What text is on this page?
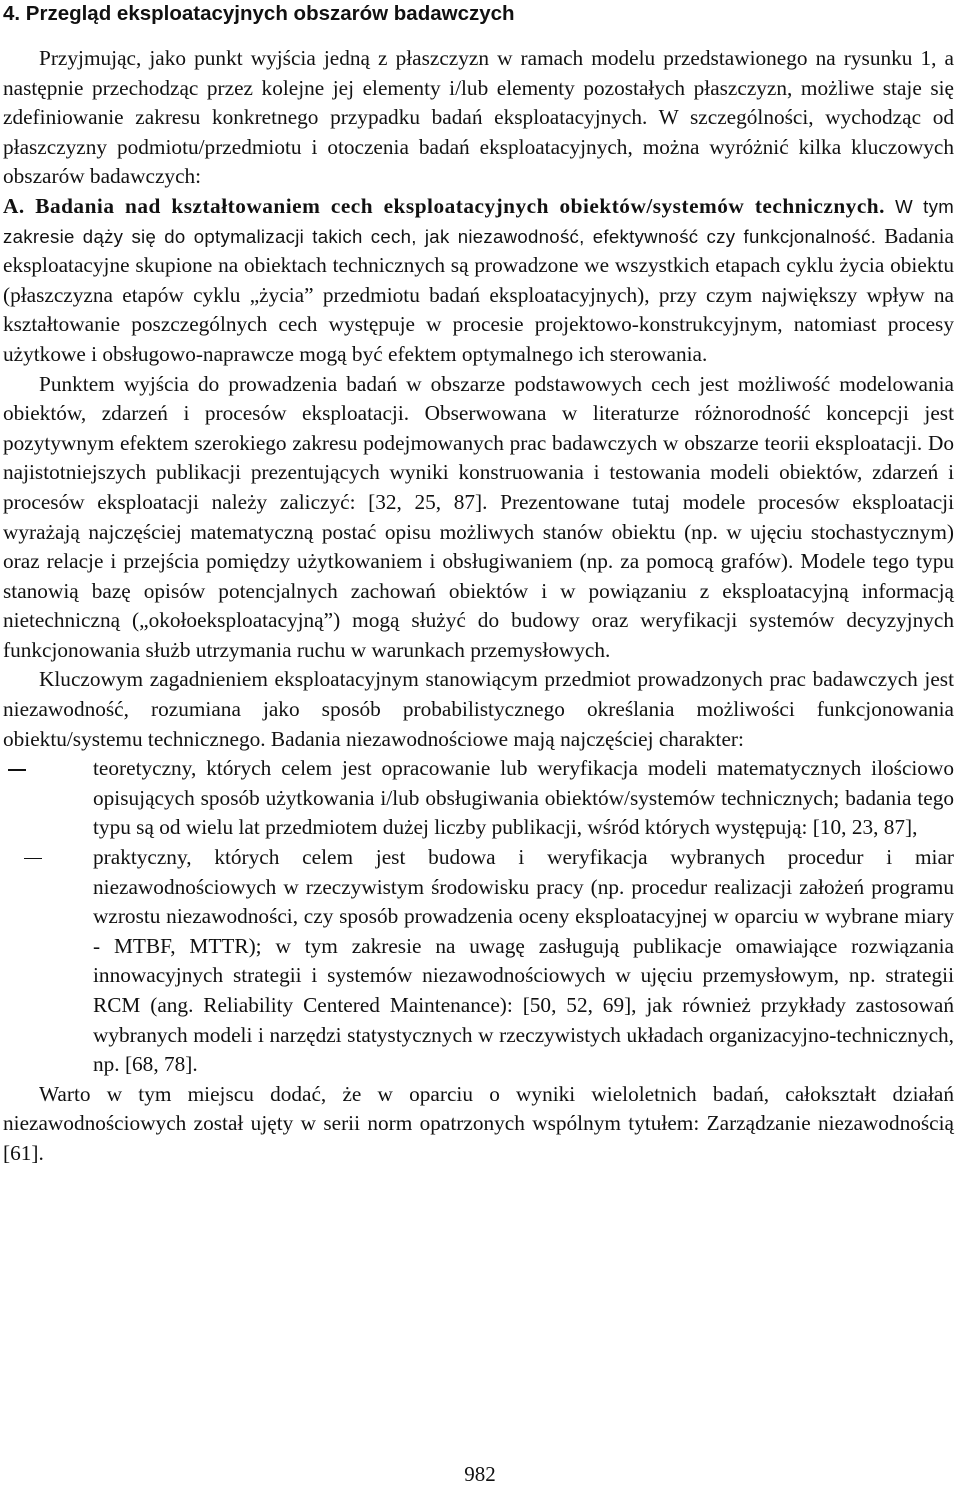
4. Przegląd eksploatacyjnych obszarów badawczych

Przyjmując, jako punkt wyjścia jedną z płaszczyzn w ramach modelu przedstawionego na rysunku 1, a następnie przechodząc przez kolejne jej elementy i/lub elementy pozostałych płaszczyzn, możliwe staje się zdefiniowanie zakresu konkretnego przypadku badań eksploatacyjnych. W szczególności, wychodząc od płaszczyzny podmiotu/przedmiotu i otoczenia badań eksploatacyjnych, można wyróżnić kilka kluczowych obszarów badawczych:

A. Badania nad kształtowaniem cech eksploatacyjnych obiektów/systemów technicznych. W tym zakresie dąży się do optymalizacji takich cech, jak niezawodność, efektywność czy funkcjonalność. Badania eksploatacyjne skupione na obiektach technicznych są prowadzone we wszystkich etapach cyklu życia obiektu (płaszczyzna etapów cyklu „życia” przedmiotu badań eksploatacyjnych), przy czym największy wpływ na kształtowanie poszczególnych cech występuje w procesie projektowo-konstrukcyjnym, natomiast procesy użytkowe i obsługowo-naprawcze mogą być efektem optymalnego ich sterowania.

Punktem wyjścia do prowadzenia badań w obszarze podstawowych cech jest możliwość modelowania obiektów, zdarzeń i procesów eksploatacji. Obserwowana w literaturze różnorodność koncepcji jest pozytywnym efektem szerokiego zakresu podejmowanych prac badawczych w obszarze teorii eksploatacji. Do najistotniejszych publikacji prezentujących wyniki konstruowania i testowania modeli obiektów, zdarzeń i procesów eksploatacji należy zaliczyć: [32, 25, 87]. Prezentowane tutaj modele procesów eksploatacji wyrażają najczęściej matematyczną postać opisu możliwych stanów obiektu (np. w ujęciu stochastycznym) oraz relacje i przejścia pomiędzy użytkowaniem i obsługiwaniem (np. za pomocą grafów). Modele tego typu stanowią bazę opisów potencjalnych zachowań obiektów i w powiązaniu z eksploatacyjną informacją nietechniczną („okołoeksploatacyjną”) mogą służyć do budowy oraz weryfikacji systemów decyzyjnych funkcjonowania służb utrzymania ruchu w warunkach przemysłowych.

Kluczowym zagadnieniem eksploatacyjnym stanowiącym przedmiot prowadzonych prac badawczych jest niezawodność, rozumiana jako sposób probabilistycznego określania możliwości funkcjonowania obiektu/systemu technicznego. Badania niezawodnościowe mają najczęściej charakter:

teoretyczny, których celem jest opracowanie lub weryfikacja modeli matematycznych ilościowo opisujących sposób użytkowania i/lub obsługiwania obiektów/systemów technicznych; badania tego typu są od wielu lat przedmiotem dużej liczby publikacji, wśród których występują: [10, 23, 87],
praktyczny, których celem jest budowa i weryfikacja wybranych procedur i miar niezawodnościowych w rzeczywistym środowisku pracy (np. procedur realizacji założeń programu wzrostu niezawodności, czy sposób prowadzenia oceny eksploatacyjnej w oparciu w wybrane miary - MTBF, MTTR); w tym zakresie na uwagę zasługują publikacje omawiające rozwiązania innowacyjnych strategii i systemów niezawodnościowych w ujęciu przemysłowym, np. strategii RCM (ang. Reliability Centered Maintenance): [50, 52, 69], jak również przykłady zastosowań wybranych modeli i narzędzi statystycznych w rzeczywistych układach organizacyjno-technicznych, np. [68, 78].

Warto w tym miejscu dodać, że w oparciu o wyniki wieloletnich badań, całokształt działań niezawodnościowych został ujęty w serii norm opatrzonych wspólnym tytułem: Zarządzanie niezawodnością [61].

982
